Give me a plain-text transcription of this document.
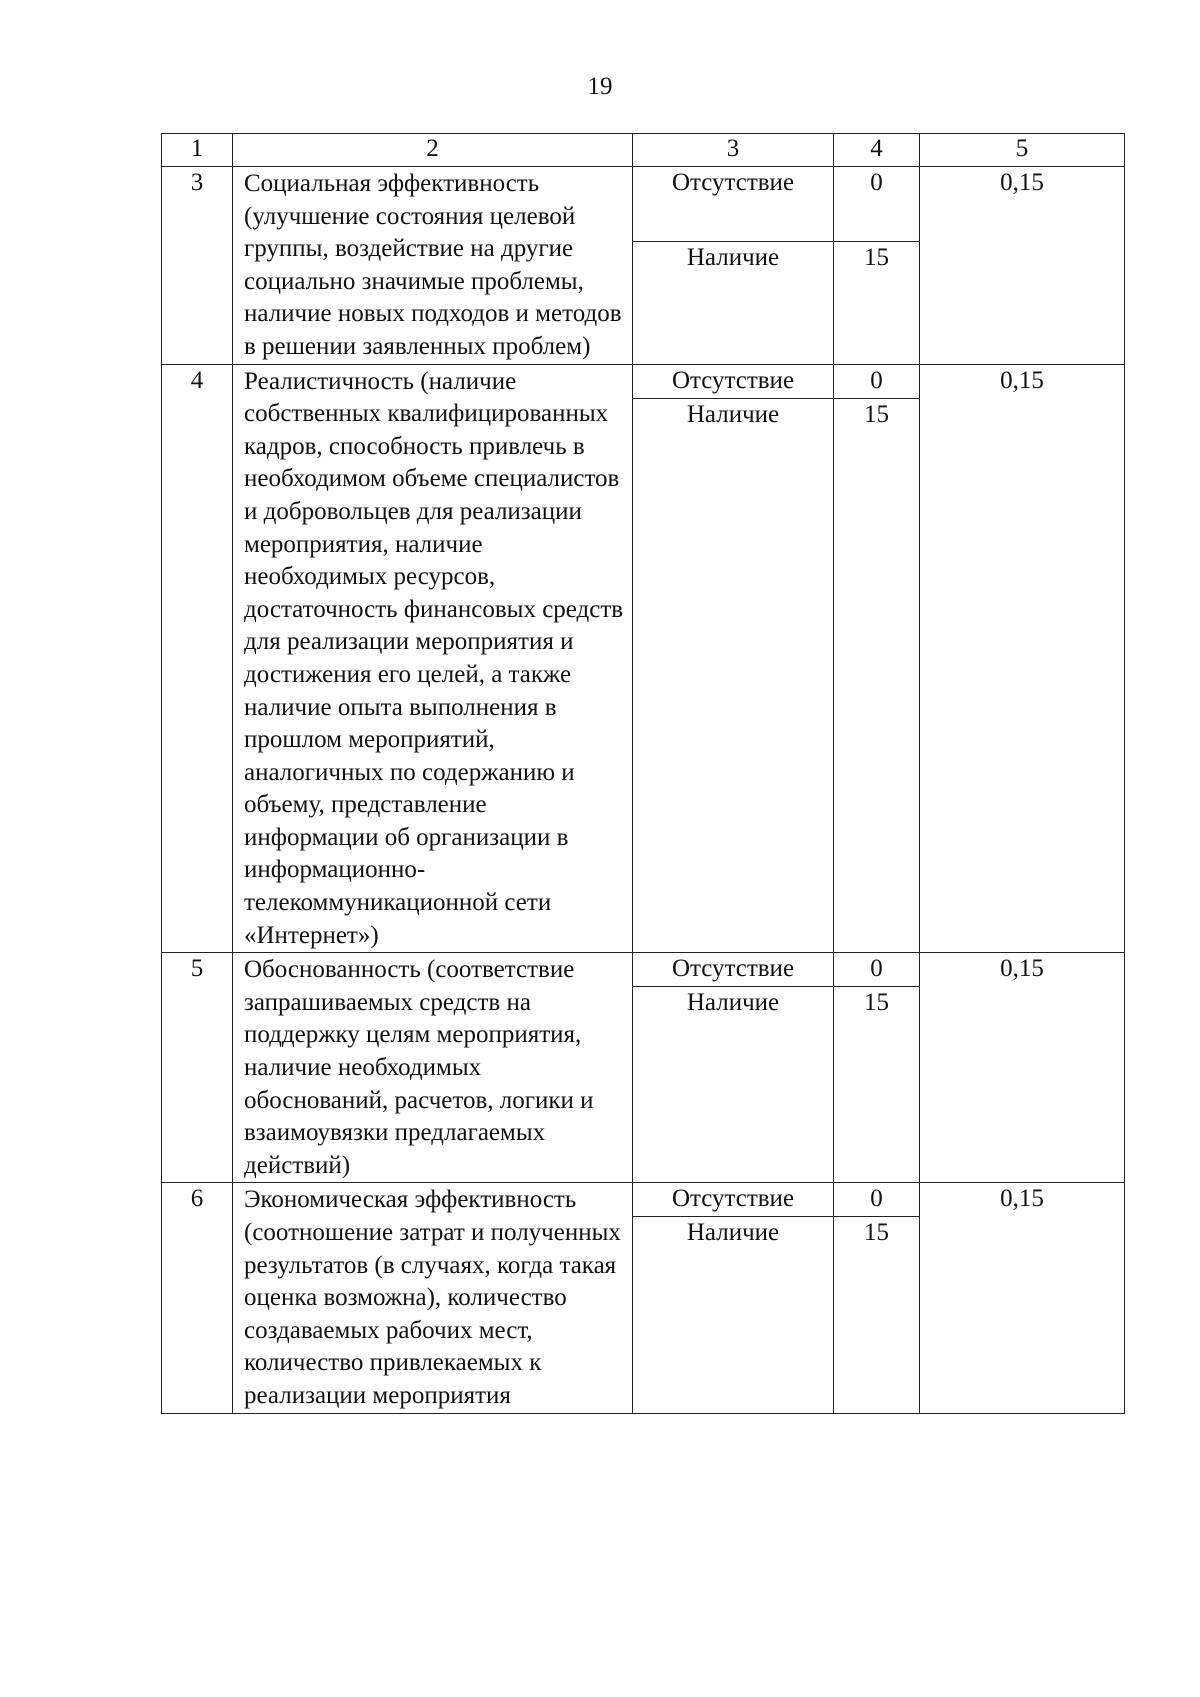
19
1	2	3	4	5
3	Социальная эффективность (улучшение состояния целевой группы, воздействие на другие социально значимые проблемы, наличие новых подходов и методов в решении заявленных проблем)	Отсутствие	0	0,15
		Наличие	15	
4	Реалистичность (наличие собственных квалифицированных кадров, способность привлечь в необходимом объеме специалистов и добровольцев для реализации мероприятия, наличие необходимых ресурсов, достаточность финансовых средств для реализации мероприятия и достижения его целей, а также наличие опыта выполнения в прошлом мероприятий, аналогичных по содержанию и объему, представление информации об организации в информационно-телекоммуникационной сети «Интернет»)	Отсутствие	0	0,15
		Наличие	15	
5	Обоснованность (соответствие запрашиваемых средств на поддержку целям мероприятия, наличие необходимых обоснований, расчетов, логики и взаимоувязки предлагаемых действий)	Отсутствие	0	0,15
		Наличие	15	
6	Экономическая эффективность (соотношение затрат и полученных результатов (в случаях, когда такая оценка возможна), количество создаваемых рабочих мест, количество привлекаемых к реализации мероприятия	Отсутствие	0	0,15
		Наличие	15	
